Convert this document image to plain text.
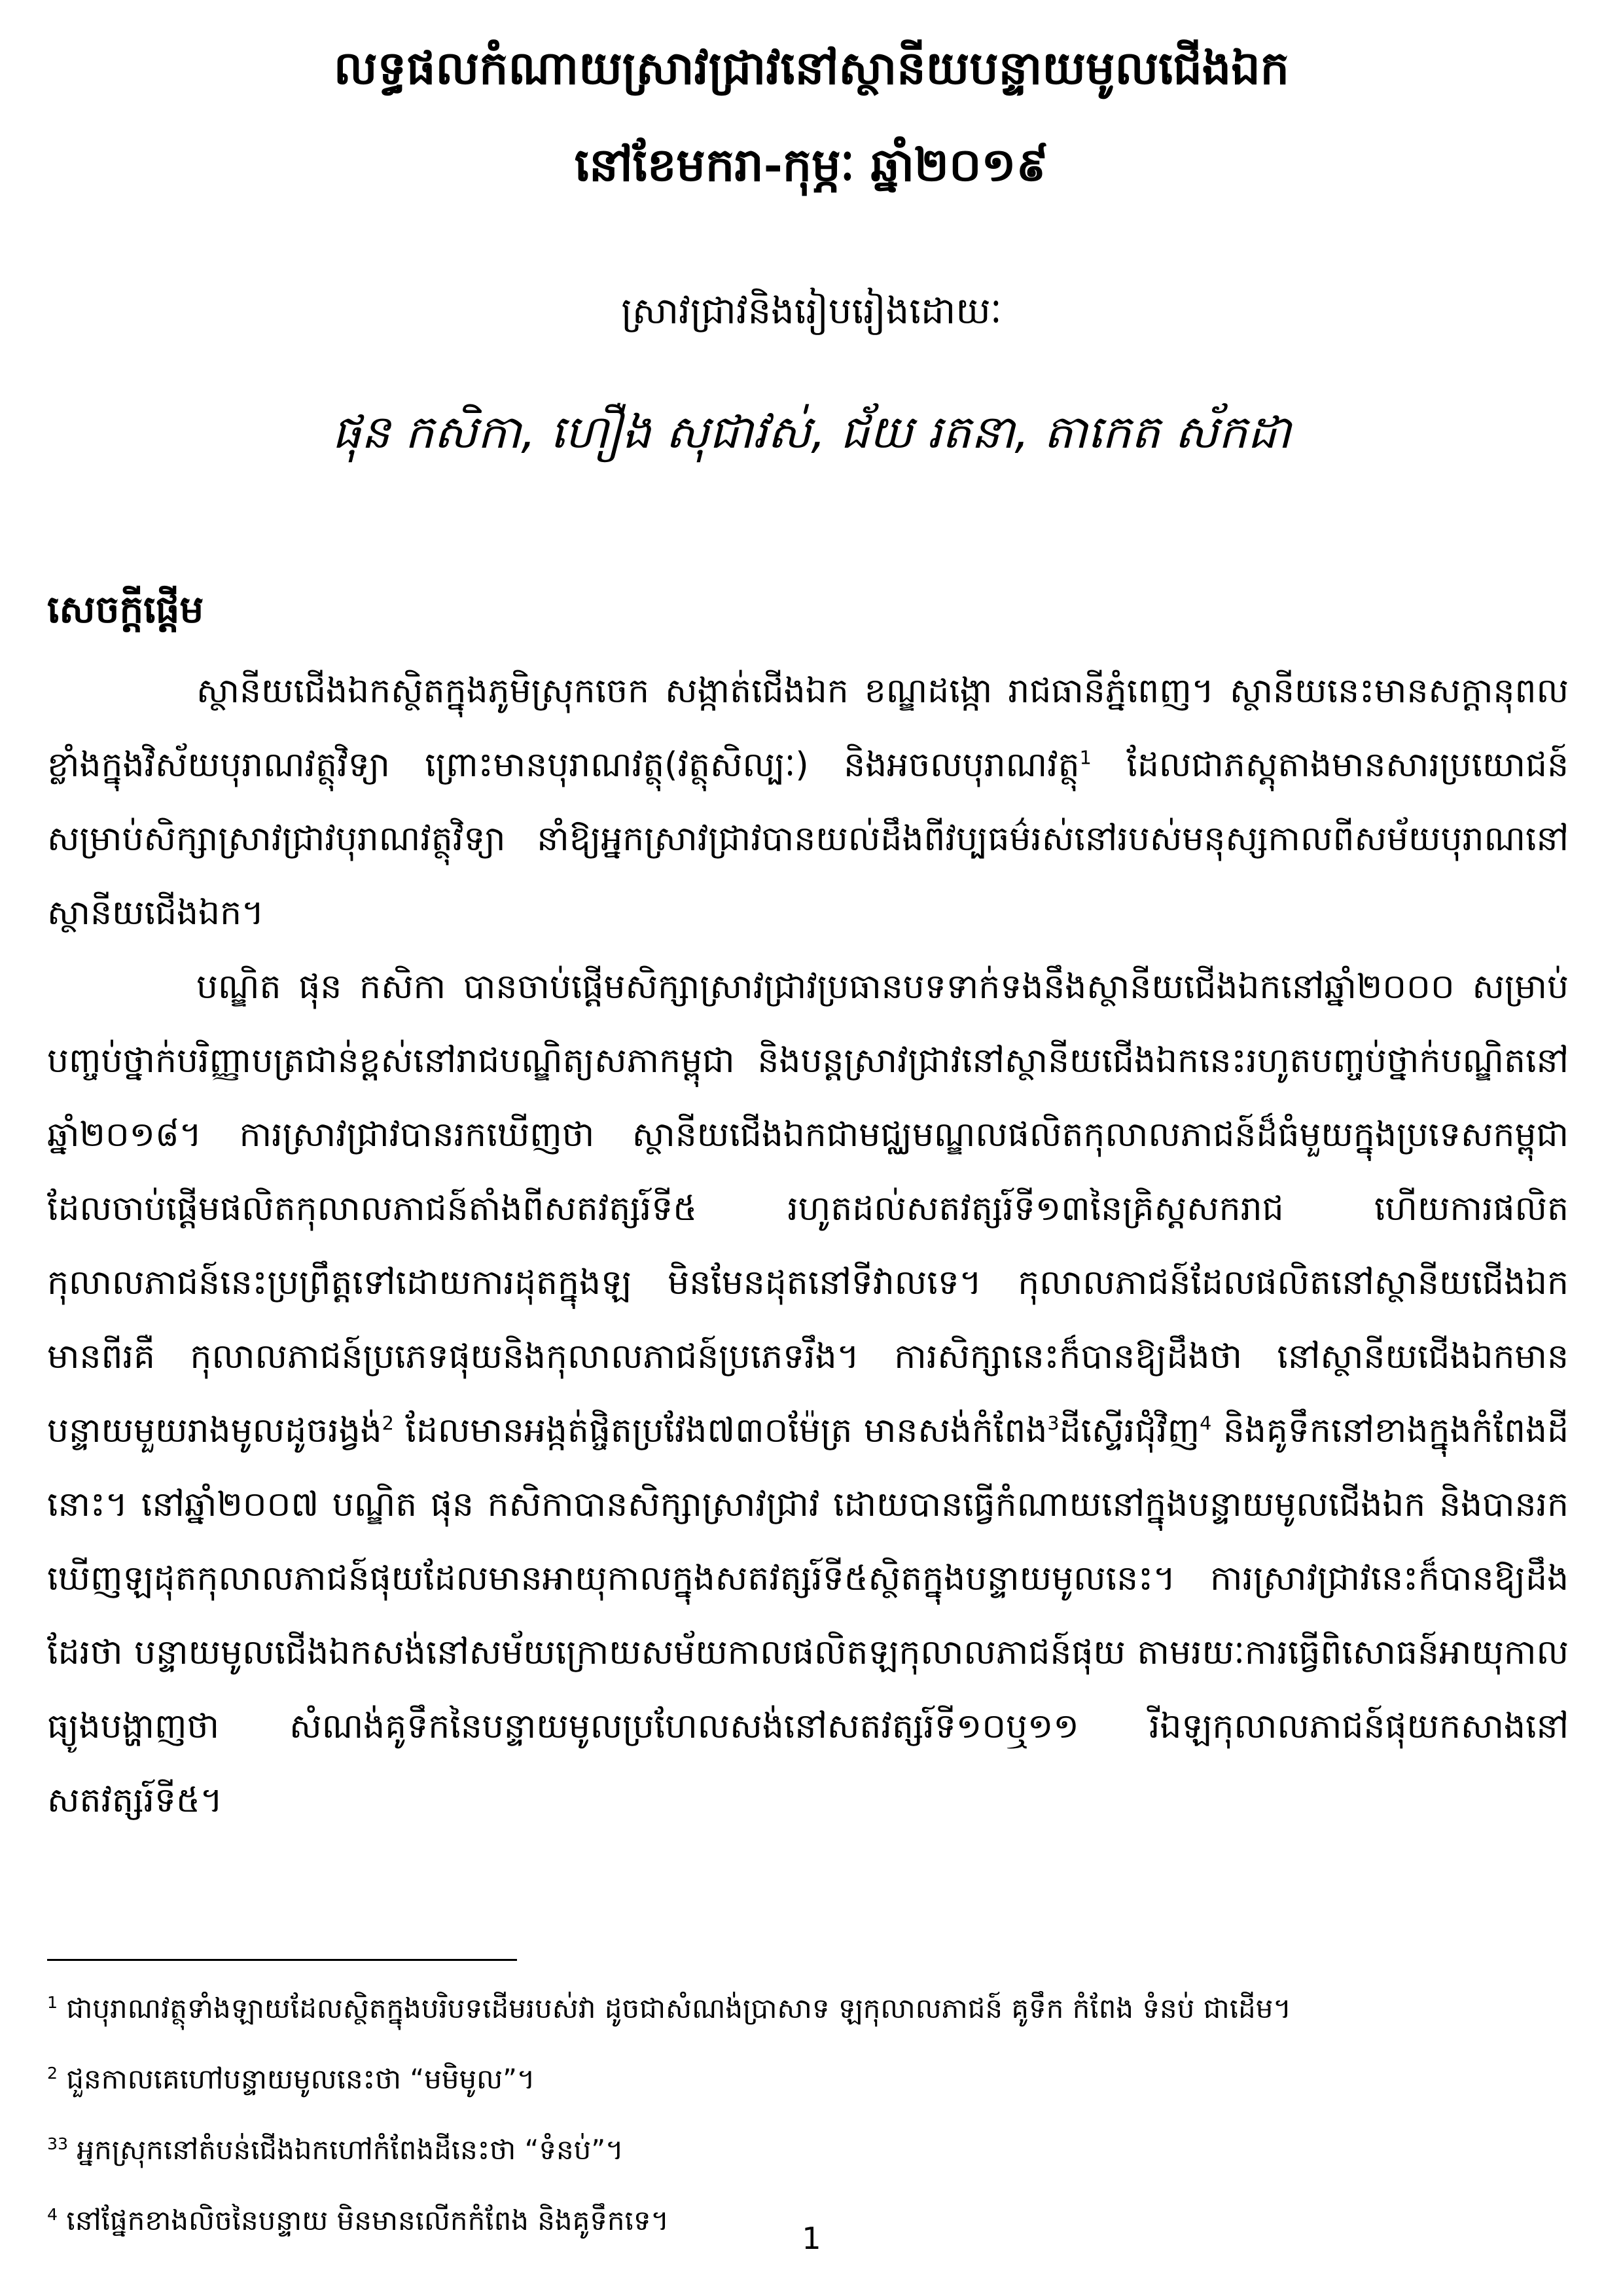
លទ្ធផលកំណាយស្រាវជ្រាវនៅស្ថានីយបន្ទាយមូលជើងឯក
នៅខែមករា-កុម្ភៈ ឆ្នាំ២០១៩
ស្រាវជ្រាវនិងរៀបរៀងដោយៈ
ផុន កសិកា, ហឿង សុជាវស់, ជ័យ រតនា, តាកេត ស័កដា
សេចក្តីផ្តើម

ស្ថានីយជើងឯកស្ថិតក្នុងភូមិស្រុកចេក សង្កាត់ជើងឯក ខណ្ឌដង្កោ រាជធានីភ្នំពេញ។ ស្ថានីយនេះមានសក្តានុពលខ្លាំងក្នុងវិស័យបុរាណវត្ថុវិទ្យា ព្រោះមានបុរាណវត្ថុ(វត្ថុសិល្បៈ) និងអចលបុរាណវត្ថុ$^1$ ដែលជាភស្តុតាងមានសារប្រយោជន៍សម្រាប់សិក្សាស្រាវជ្រាវបុរាណវត្ថុវិទ្យា នាំឱ្យអ្នកស្រាវជ្រាវបានយល់ដឹងពីវប្បធម៌រស់នៅរបស់មនុស្សកាលពីសម័យបុរាណនៅស្ថានីយជើងឯក។

បណ្ឌិត ផុន កសិកា បានចាប់ផ្តើមសិក្សាស្រាវជ្រាវប្រធានបទទាក់ទងនឹងស្ថានីយជើងឯកនៅឆ្នាំ២០០០ សម្រាប់បញ្ចប់ថ្នាក់បរិញ្ញាបត្រជាន់ខ្ពស់នៅរាជបណ្ឌិត្យសភាកម្ពុជា និងបន្តស្រាវជ្រាវនៅស្ថានីយជើងឯកនេះរហូតបញ្ចប់ថ្នាក់បណ្ឌិតនៅឆ្នាំ២០១៨។ ការស្រាវជ្រាវបានរកឃើញថា ស្ថានីយជើងឯកជាមជ្ឈមណ្ឌលផលិតកុលាលភាជន៍ដ៏ធំមួយក្នុងប្រទេសកម្ពុជា ដែលចាប់ផ្តើមផលិតកុលាលភាជន៍តាំងពីសតវត្សរ៍ទី៥ រហូតដល់សតវត្សរ៍ទី១៣នៃគ្រិស្តសករាជ ហើយការផលិតកុលាលភាជន៍នេះប្រព្រឹត្តទៅដោយការដុតក្នុងឡ មិនមែនដុតនៅទីវាលទេ។ កុលាលភាជន៍ដែលផលិតនៅស្ថានីយជើងឯកមានពីរគឺ កុលាលភាជន៍ប្រភេទផុយនិងកុលាលភាជន៍ប្រភេទរឹង។ ការសិក្សានេះក៏បានឱ្យដឹងថា នៅស្ថានីយជើងឯកមានបន្ទាយមួយរាងមូលដូចរង្វង់$^2$ ដែលមានអង្កត់ផ្ចិតប្រវែង៧៣០ម៉ែត្រ មានសង់កំពែង$^3$ដីស្ទើរជុំវិញ$^4$ និងគូទឹកនៅខាងក្នុងកំពែងដីនោះ។ នៅឆ្នាំ២០០៧ បណ្ឌិត ផុន កសិកាបានសិក្សាស្រាវជ្រាវ ដោយបានធ្វើកំណាយនៅក្នុងបន្ទាយមូលជើងឯក និងបានរកឃើញឡដុតកុលាលភាជន៍ផុយដែលមានអាយុកាលក្នុងសតវត្សរ៍ទី៥ស្ថិតក្នុងបន្ទាយមូលនេះ។ ការស្រាវជ្រាវនេះក៏បានឱ្យដឹងដែរថា បន្ទាយមូលជើងឯកសង់នៅសម័យក្រោយសម័យកាលផលិតឡកុលាលភាជន៍ផុយ តាមរយៈការធ្វើពិសោធន៍អាយុកាលធ្យូងបង្ហាញថា សំណង់គូទឹកនៃបន្ទាយមូលប្រហែលសង់នៅសតវត្សរ៍ទី១០ឬ១១ រីឯឡកុលាលភាជន៍ផុយកសាងនៅសតវត្សរ៍ទី៥។

$^1$ ជាបុរាណវត្ថុទាំងឡាយដែលស្ថិតក្នុងបរិបទដើមរបស់វា ដូចជាសំណង់ប្រាសាទ ឡកុលាលភាជន៍ គូទឹក កំពែង ទំនប់ ជាដើម។
$^2$ ជួនកាលគេហៅបន្ទាយមូលនេះថា “មមិមូល”។
$^{33}$ អ្នកស្រុកនៅតំបន់ជើងឯកហៅកំពែងដីនេះថា “ទំនប់”។
$^4$ នៅផ្នែកខាងលិចនៃបន្ទាយ មិនមានលើកកំពែង និងគូទឹកទេ។
1
